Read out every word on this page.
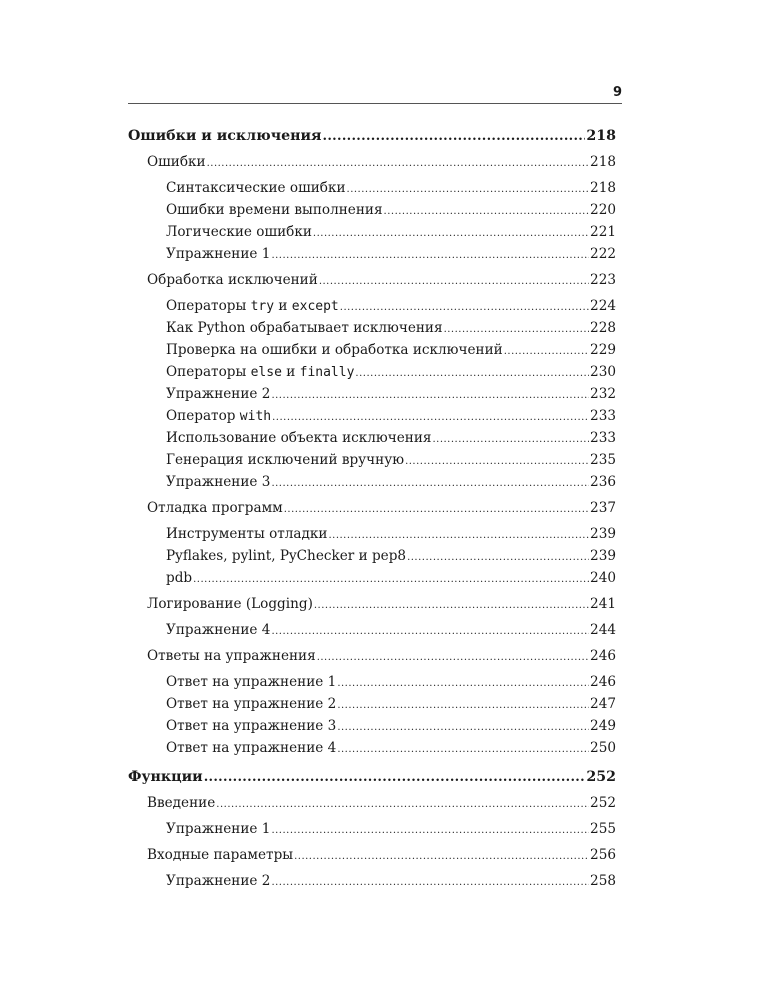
9
Ошибки и исключения .....	218
Ошибки .....	218
Синтаксические ошибки .....	218
Ошибки времени выполнения .....	220
Логические ошибки .....	221
Упражнение 1 .....	222
Обработка исключений .....	223
Операторы try и except .....	224
Как Python обрабатывает исключения .....	228
Проверка на ошибки и обработка исключений .....	229
Операторы else и finally .....	230
Упражнение 2 .....	232
Оператор with .....	233
Использование объекта исключения .....	233
Генерация исключений вручную .....	235
Упражнение 3 .....	236
Отладка программ .....	237
Инструменты отладки .....	239
Pyflakes, pylint, PyChecker и pep8 .....	239
pdb .....	240
Логирование (Logging) .....	241
Упражнение 4 .....	244
Ответы на упражнения .....	246
Ответ на упражнение 1 .....	246
Ответ на упражнение 2 .....	247
Ответ на упражнение 3 .....	249
Ответ на упражнение 4 .....	250
Функции .....	252
Введение .....	252
Упражнение 1 .....	255
Входные параметры .....	256
Упражнение 2 .....	258
